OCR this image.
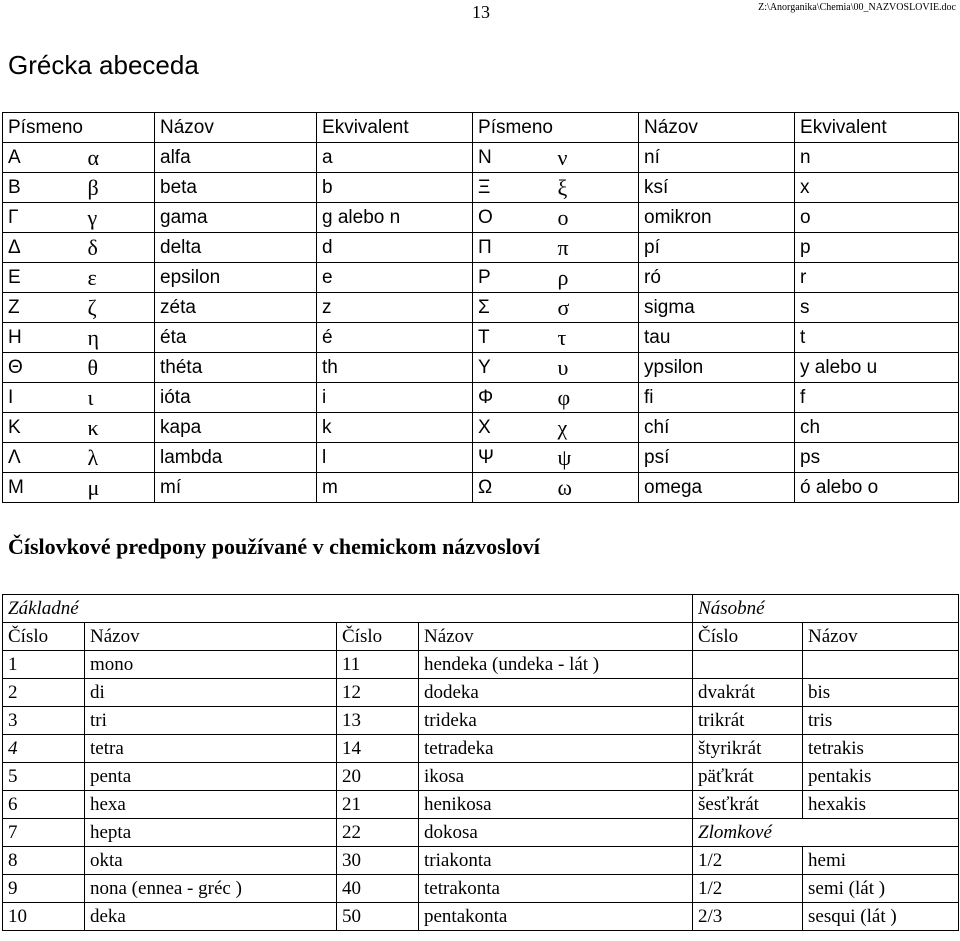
13	Z:\Anorganika\Chemia\00_NAZVOSLOVIE.doc
Grécka abeceda
Písmeno		Názov	Ekvivalent	Písmeno		Názov	Ekvivalent
Α	α	alfa	a	Ν	ν	ní	n
Β	β	beta	b	Ξ	ξ	ksí	x
Γ	γ	gama	g alebo n	Ο	ο	omikron	o
Δ	δ	delta	d	Π	π	pí	p
Ε	ε	epsilon	e	Ρ	ρ	ró	r
Ζ	ζ	zéta	z	Σ	σ	sigma	s
Η	η	éta	é	Τ	τ	tau	t
Θ	θ	théta	th	Υ	υ	ypsilon	y alebo u
Ι	ι	ióta	i	Φ	φ	fi	f
Κ	κ	kapa	k	Χ	χ	chí	ch
Λ	λ	lambda	l	Ψ	ψ	psí	ps
Μ	μ	mí	m	Ω	ω	omega	ó alebo o
Číslovkové predpony používané v chemickom názvosloví
Základné				Násobné	
Číslo	Názov	Číslo	Názov	Číslo	Názov
1	mono	11	hendeka (undeka - lát )		
2	di	12	dodeka	dvakrát	bis
3	tri	13	trideka	trikrát	tris
4	tetra	14	tetradeka	štyrikrát	tetrakis
5	penta	20	ikosa	päťkrát	pentakis
6	hexa	21	henikosa	šesťkrát	hexakis
7	hepta	22	dokosa	Zlomkové	
8	okta	30	triakonta	1/2	hemi
9	nona (ennea - gréc )	40	tetrakonta	1/2	semi (lát )
10	deka	50	pentakonta	2/3	sesqui (lát )
